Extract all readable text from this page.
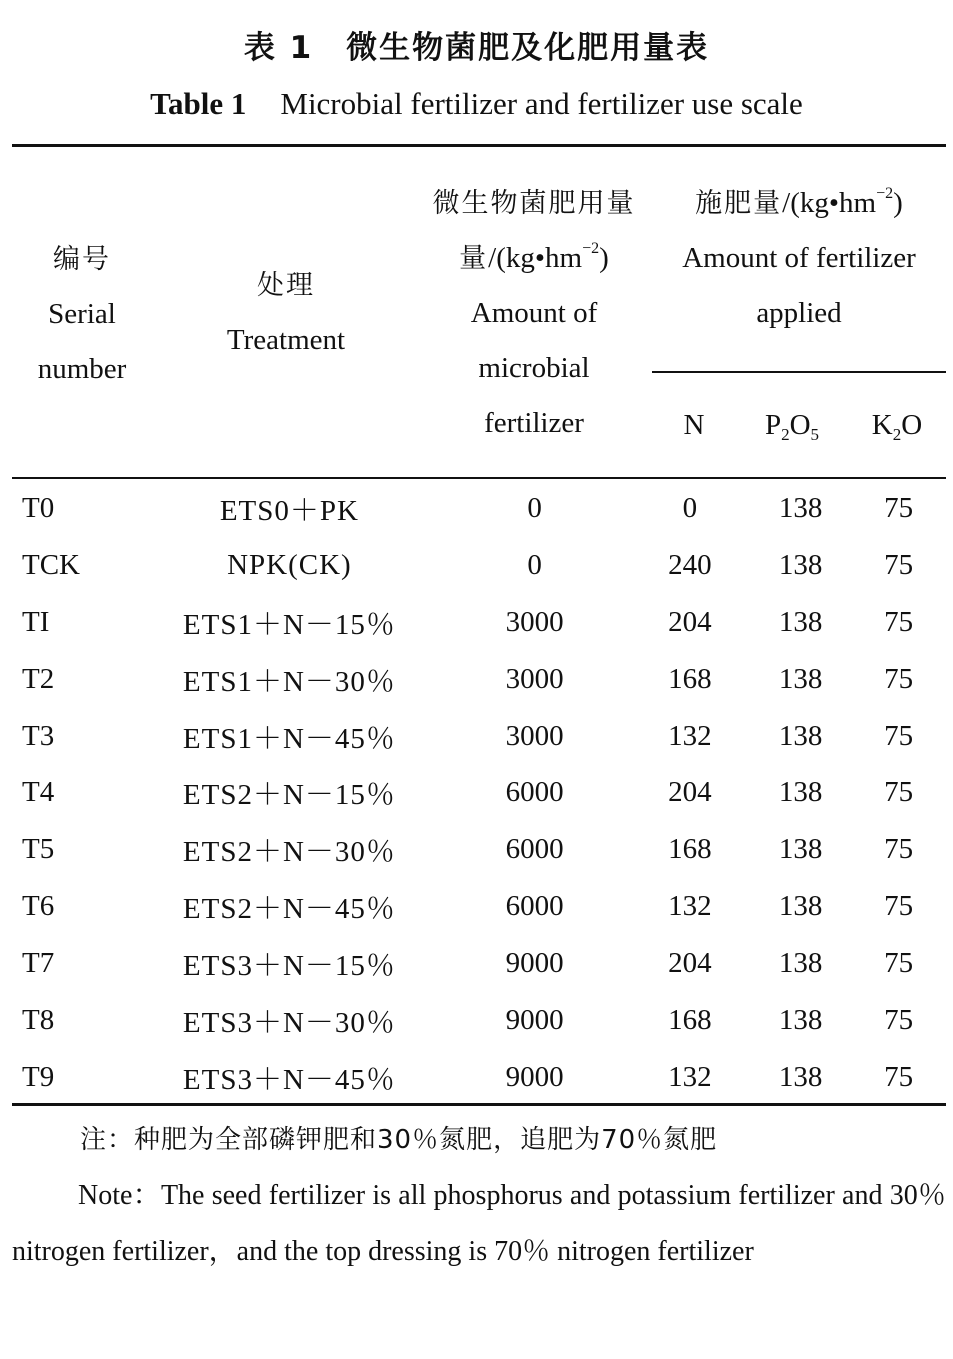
表 1　微生物菌肥及化肥用量表
Table 1 Microbial fertilizer and fertilizer use scale
编号
Serial number
处理
Treatment
微生物菌肥用量
量$/(kg•hm^{-2})$
Amount of microbial fertilizer
施肥量$/(kg•hm^{-2})$
Amount of fertilizer applied
N	$P_2O_5$	$K_2O$
T0	ETS0＋PK	0	0	138	75
TCK	NPK(CK)	0	240	138	75
TI	ETS1＋N－15％	3000	204	138	75
T2	ETS1＋N－30％	3000	168	138	75
T3	ETS1＋N－45％	3000	132	138	75
T4	ETS2＋N－15％	6000	204	138	75
T5	ETS2＋N－30％	6000	168	138	75
T6	ETS2＋N－45％	6000	132	138	75
T7	ETS3＋N－15％	9000	204	138	75
T8	ETS3＋N－30％	9000	168	138	75
T9	ETS3＋N－45％	9000	132	138	75
注：种肥为全部磷钾肥和30％氮肥，追肥为70％氮肥
Note：The seed fertilizer is all phosphorus and potassium fertilizer and 30％ nitrogen fertilizer，and the top dressing is 70％ nitrogen fertilizer
